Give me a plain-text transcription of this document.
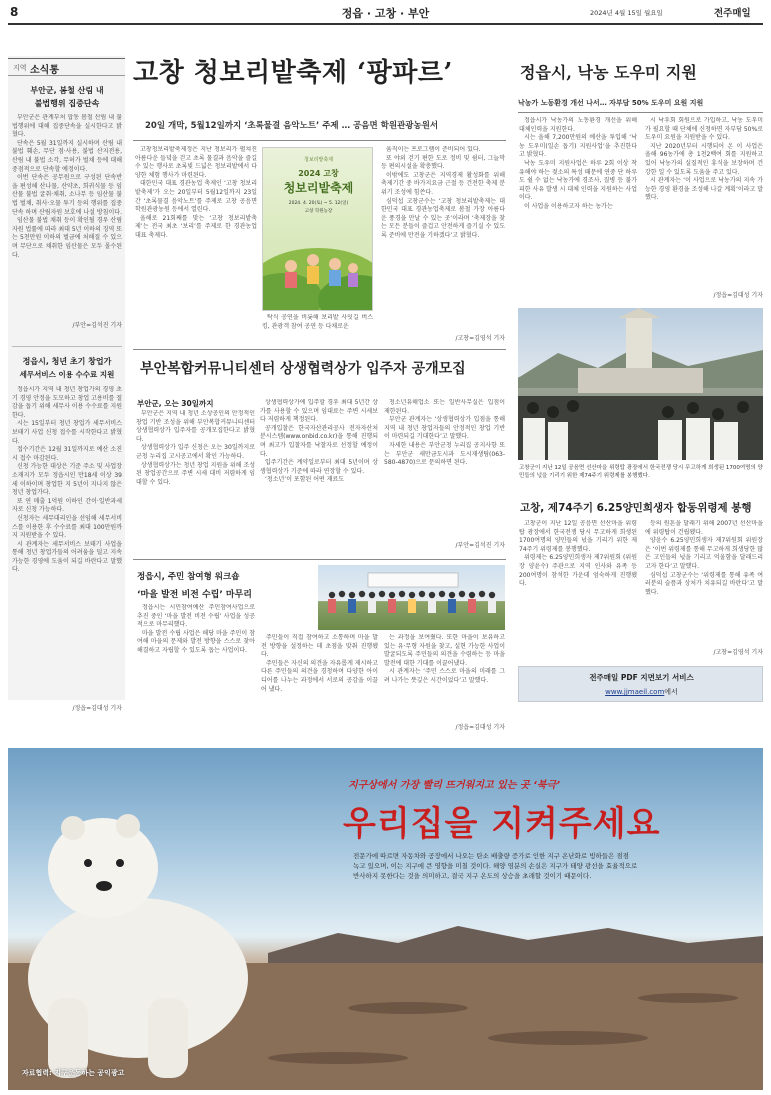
8	정읍 · 고창 · 부안	2024년 4월 15일 월요일	전주매일
지역 소식통
부안군, 봄철 산림 내
불법행위 집중단속

부안군은 관계부처 합동 봄철 산림 내 불법행위에 대해 집중단속을 실시한다고 밝혔다.

단속은 5월 31일까지 실시하며 산림 내 불법 훼손, 무단 점·사용, 불법 산지전용, 산림 내 불법 소각, 무허가 벌채 등에 대해 중점적으로 단속할 예정이다.

이번 단속은 공무원으로 구성된 단속반을 편성해 산나물, 산약초, 희귀식물 등 임산물 불법 굴취·채취, 소나무 등 임산물 불법 벌채, 취사·오물 투기 등의 행위를 집중단속 하며 산림자원 보호에 나설 방침이다.

임산물 불법 채취 등이 확인될 경우 산림자원 법률에 따라 최대 5년 이하의 징역 또는 5천만원 이하의 벌금에 처해질 수 있으며 무단으로 채취한 임산물은 모두 몰수된다.

/부안=김석진 기자
정읍시, 청년 초기 창업가
세무서비스 이용 수수료 지원

정읍시가 지역 내 청년 창업가의 경영 초기 경영 안정을 도모하고 창업 고용비를 절감을 돕기 위해 세무사 이용 수수료를 지원한다.

시는 15일부터 청년 창업가 세무서비스 보태기 사업 신청 접수를 시작한다고 밝혔다.

접수기간은 12월 31일까지로 예산 소진 시 접수 마감된다.

신청 가능한 대상은 기준 주소 및 사업장 소재지가 모두 정읍시인 만18세 이상 39세 이하이며 창업한 지 5년이 지나지 않은 청년 창업가다.

또 연 매출 1억원 이하인 간이·일반과세자로 신청 가능하다.

신청자는 세무대리인을 선임해 세무서비스를 이용한 후 수수료를 최대 100만원까지 지원받을 수 있다.

시 관계자는 세무서비스 보태기 사업을 통해 청년 창업가들의 어려움을 덜고 지속가능한 경영에 도움이 되길 바란다고 말했다.

/정읍=김대성 기자
고창 청보리밭축제 ‘팡파르’
20일 개막, 5월12일까지 ‘초록물결 음악노트’ 주제 … 공음면 학원관광농원서

고창청보리밭축제정은 지난 청보리가 펼쳐진 아름다운 들녘을 걷고 초록 물결과 음악을 즐길 수 있는 행사로 초록빛 드넓은 청보리밭에서 다양한 체험 행사가 마련된다.

대한민국 대표 경관농업 축제인 ‘고창 청보리밭축제’가 오는 20일부터 5월12일까지 23일간 ‘초록물결 음악노트’를 주제로 고창 공음면 학원관광농원 등에서 열린다.

올해로 21회째를 맞는 ‘고창 청보리밭축제’는 전국 최초 ‘보리’를 주제로 한 경관농업 대표 축제다.

청보리밭축제
2024 고창
청보리밭축제
2024. 4. 20(토) ~ 5. 12(일)
고창 학원농장

탁식 공연을 비롯해 보리밭 사잇길 버스킹, 관광객 참여 공연 등 다채로운

움직이는 프로그램이 준비되어 있다.

또 야외 걷기 편한 도로 정비 및 쉼터, 그늘막 등 편의시설을 확충했다.

이밖에도 고창군은 지역경제 활성화를 위해 축제기간 중 바가지요금 근절 등 건전한 축제 분위기 조성에 힘쓴다.

심덕섭 고창군수는 ‘고창 청보리밭축제는 대한민국 대표 경관농업축제로 봄철 가장 아름다운 풍경을 만날 수 있는 곳’이라며 ‘축제장을 찾는 모든 분들이 즐겁고 안전하게 즐기실 수 있도록 준비에 만전을 기하겠다’고 밝혔다.

/고창=김영석 기자
정읍시, 낙농 도우미 지원
낙농가 노동환경 개선 나서… 자부담 50% 도우미 요원 지원

정읍시가 낙농가의 노동환경 개선을 위해 대체인력을 지원한다.

시는 올해 7,200만원의 예산을 투입해 ‘낙농 도우미(일손 돕기) 지원사업’을 추진한다고 밝혔다.

낙농 도우미 지원사업은 하루 2회 이상 착유해야 하는 젖소의 특성 때문에 연중 단 하루도 쉴 수 없는 낙농가에 경조사, 질병 등 불가피한 사유 발생 시 대체 인력을 지원하는 사업이다.

이 사업을 이용하고자 하는 농가는

시 낙우회 회원으로 가입하고, 낙농 도우미가 필요할 때 단체에 신청하면 자부담 50%로 도우미 요원을 지원받을 수 있다.

지난 2020년부터 시행되어 온 이 사업은 올해 96농가에 총 1천2백여 회를 지원하고 있어 낙농가의 실질적인 휴식을 보장하며 건강한 일 수 있도록 도움을 주고 있다.

시 관계자는 ‘이 사업으로 낙농가의 지속 가능한 경영 환경을 조성해 나갈 계획’이라고 말했다.

/정읍=김대성 기자
고창군이 지난 12일 공음면 선산마을 위령탑 광장에서 한국전쟁 당시 무고하게 희생된 1700여명의 양민들의 넋을 기리기 위한 제74주기 위령제를 봉행했다.
고창, 제74주기 6.25양민희생자 합동위령제 봉행

고창군이 지난 12일 공음면 선산마을 위령탑 광장에서 한국전쟁 당시 무고하게 희생된 1700여명의 양민들의 넋을 기리기 위한 제74주기 위령제를 봉행했다.

위령제는 6.25양민희생자 제7위원회 (위원장 양윤수) 주관으로 지역 인사와 유족 등 200여명이 참석한 가운데 엄숙하게 진행됐다.

등의 원혼을 달래기 위해 2007년 선산마을에 위령탑이 건립됐다.

양윤수 6.25양민희생자 제7위원회 위원장은 ‘이번 위령제를 통해 무고하게 희생당한 많은 고인들의 넋을 기리고 억울함을 달래드리고자 한다’고 말했다.

심덕섭 고창군수는 ‘위령제를 통해 유족 여러분의 슬픔과 상처가 치유되길 바란다’고 말했다.

/고창=김영석 기자
전주매일 PDF 지면보기 서비스
www.jjmaeil.com에서
부안복합커뮤니티센터 상생협력상가 입주자 공개모집
부안군, 오는 30일까지

부안군은 지역 내 청년 소상공인의 안정적인 창업 기반 조성을 위해 부안복합커뮤니티센터 상생협력상가 입주자를 공개모집한다고 밝혔다.

상생협력상가 입주 신청은 오는 30일까지로 군청 누리집 고시공고에서 확인 가능하다.

상생협력상가는 청년 창업 지원을 위해 조성된 창업공간으로 주변 시세 대비 저렴하게 임대할 수 있다.

상생협력상가에 입주할 경우 최대 5년간 상가를 사용할 수 있으며 임대료는 주변 시세보다 저렴하게 책정된다.

공개입찰은 한국자산관리공사 전자자산처분시스템(www.onbid.co.kr)을 통해 진행되며 최고가 입찰자를 낙찰자로 선정할 예정이다.

입주기간은 계약일로부터 최대 5년이며 상생협력상가 기준에 따라 연장할 수 있다.

‘청소년’이 포함된 어떤 재료도

청소년유해업소 또는 일반사무실은 입점이 제한된다.

부안군 관계자는 ‘상생협력상가 입점을 통해 지역 내 청년 창업자들의 안정적인 창업 기반이 마련되길 기대한다’고 말했다.

자세한 내용은 부안군청 누리집 공지사항 또는 부안군 새만금도시과 도시재생팀(063-580-4870)으로 문의하면 된다.

/부안=김석진 기자
정읍시, 주민 참여형 워크숍
‘마을 발전 비전 수립’ 마무리

정읍시는 시민참여예산 주민참여사업으로 추진 중인 ‘마을 발전 비전 수립’ 사업을 성공적으로 마무리했다.

마을 발전 수립 사업은 해당 마을 주민이 참여해 마을의 문제와 발전 방향을 스스로 찾아 해결하고 자립할 수 있도록 돕는 사업이다.

주민들이 직접 참여하고 소통하며 마을 발전 방향을 설정하는 데 초점을 맞춰 진행됐다.

주민들은 자신의 의견을 자유롭게 제시하고 다른 주민들의 의견을 경청하며 다양한 아이디어를 나누는 과정에서 서로의 공감을 이끌어 냈다.

는 과정을 보여줬다. 또한 마을이 보유하고 있는 유·무형 자원을 찾고, 실현 가능한 사업이 발굴되도록 주민들의 의견을 수렴하는 등 마을 발전에 대한 기대를 이끌어냈다.

시 관계자는 ‘주민 스스로 마을의 미래를 그려 나가는 뜻깊은 시간이었다’고 말했다.

/정읍=김대성 기자
지구상에서 가장 빨리 뜨거워지고 있는 곳 ‘북극’
우리집을 지켜주세요
전문가에 따르면 자동차와 공장에서 나오는 탄소 배출량 증가로 인한 지구 온난화로 빙하들은 점점
녹고 있으며, 이는 지구에 큰 영향을 미칠 것이다. 해양 염분의 손실은 지구가 태양 광선을 효율적으로
반사하지 못한다는 것을 의미하고, 결국 지구 온도의 상승을 초래할 것이기 때문이다.
자료협력: 지구운동하는 공익광고
